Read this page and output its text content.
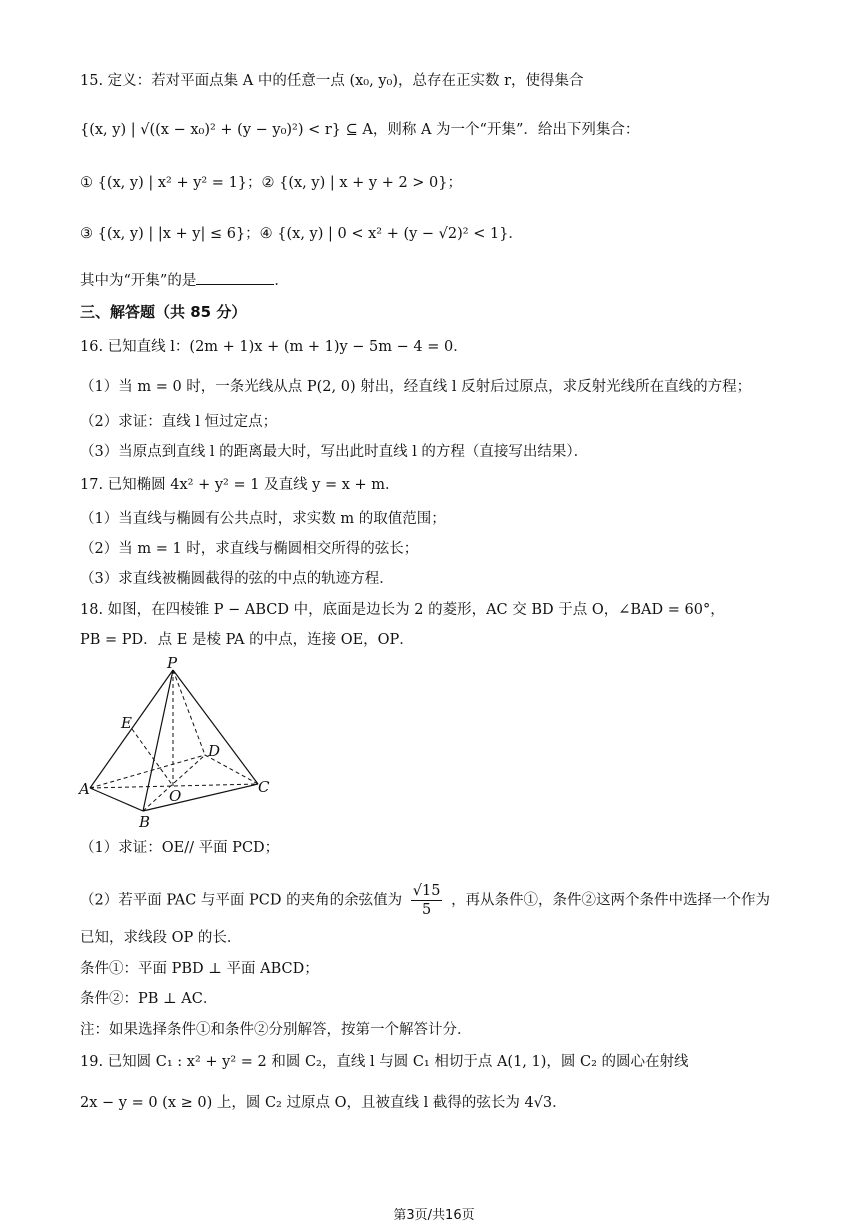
15. 定义：若对平面点集 A 中的任意一点 (x₀, y₀)，总存在正实数 r，使得集合
{(x, y) | √((x − x₀)² + (y − y₀)²) < r} ⊆ A，则称 A 为一个“开集”．给出下列集合：
① {(x, y) | x² + y² = 1}；② {(x, y) | x + y + 2 > 0}；
③ {(x, y) | |x + y| ≤ 6}；④ {(x, y) | 0 < x² + (y − √2)² < 1}．
其中为“开集”的是	．
三、解答题（共 85 分）
16. 已知直线 l：(2m + 1)x + (m + 1)y − 5m − 4 = 0．
（1）当 m = 0 时，一条光线从点 P(2, 0) 射出，经直线 l 反射后过原点，求反射光线所在直线的方程；
（2）求证：直线 l 恒过定点；
（3）当原点到直线 l 的距离最大时，写出此时直线 l 的方程（直接写出结果）．
17. 已知椭圆 4x² + y² = 1 及直线 y = x + m．
（1）当直线与椭圆有公共点时，求实数 m 的取值范围；
（2）当 m = 1 时，求直线与椭圆相交所得的弦长；
（3）求直线被椭圆截得的弦的中点的轨迹方程．
18. 如图，在四棱锥 P − ABCD 中，底面是边长为 2 的菱形，AC 交 BD 于点 O，∠BAD = 60°，
PB = PD．点 E 是棱 PA 的中点，连接 OE，OP．
P
E
D
A	O	C
B
（1）求证：OE// 平面 PCD；
（2）若平面 PAC 与平面 PCD 的夹角的余弦值为 $\frac{√15}{5}$ ，再从条件①，条件②这两个条件中选择一个作为
已知，求线段 OP 的长．
条件①：平面 PBD ⊥ 平面 ABCD；
条件②：PB ⊥ AC．
注：如果选择条件①和条件②分别解答，按第一个解答计分．
19. 已知圆 C₁ : x² + y² = 2 和圆 C₂，直线 l 与圆 C₁ 相切于点 A(1, 1)，圆 C₂ 的圆心在射线
2x − y = 0 (x ≥ 0) 上，圆 C₂ 过原点 O，且被直线 l 截得的弦长为 4√3．
第3页/共16页
